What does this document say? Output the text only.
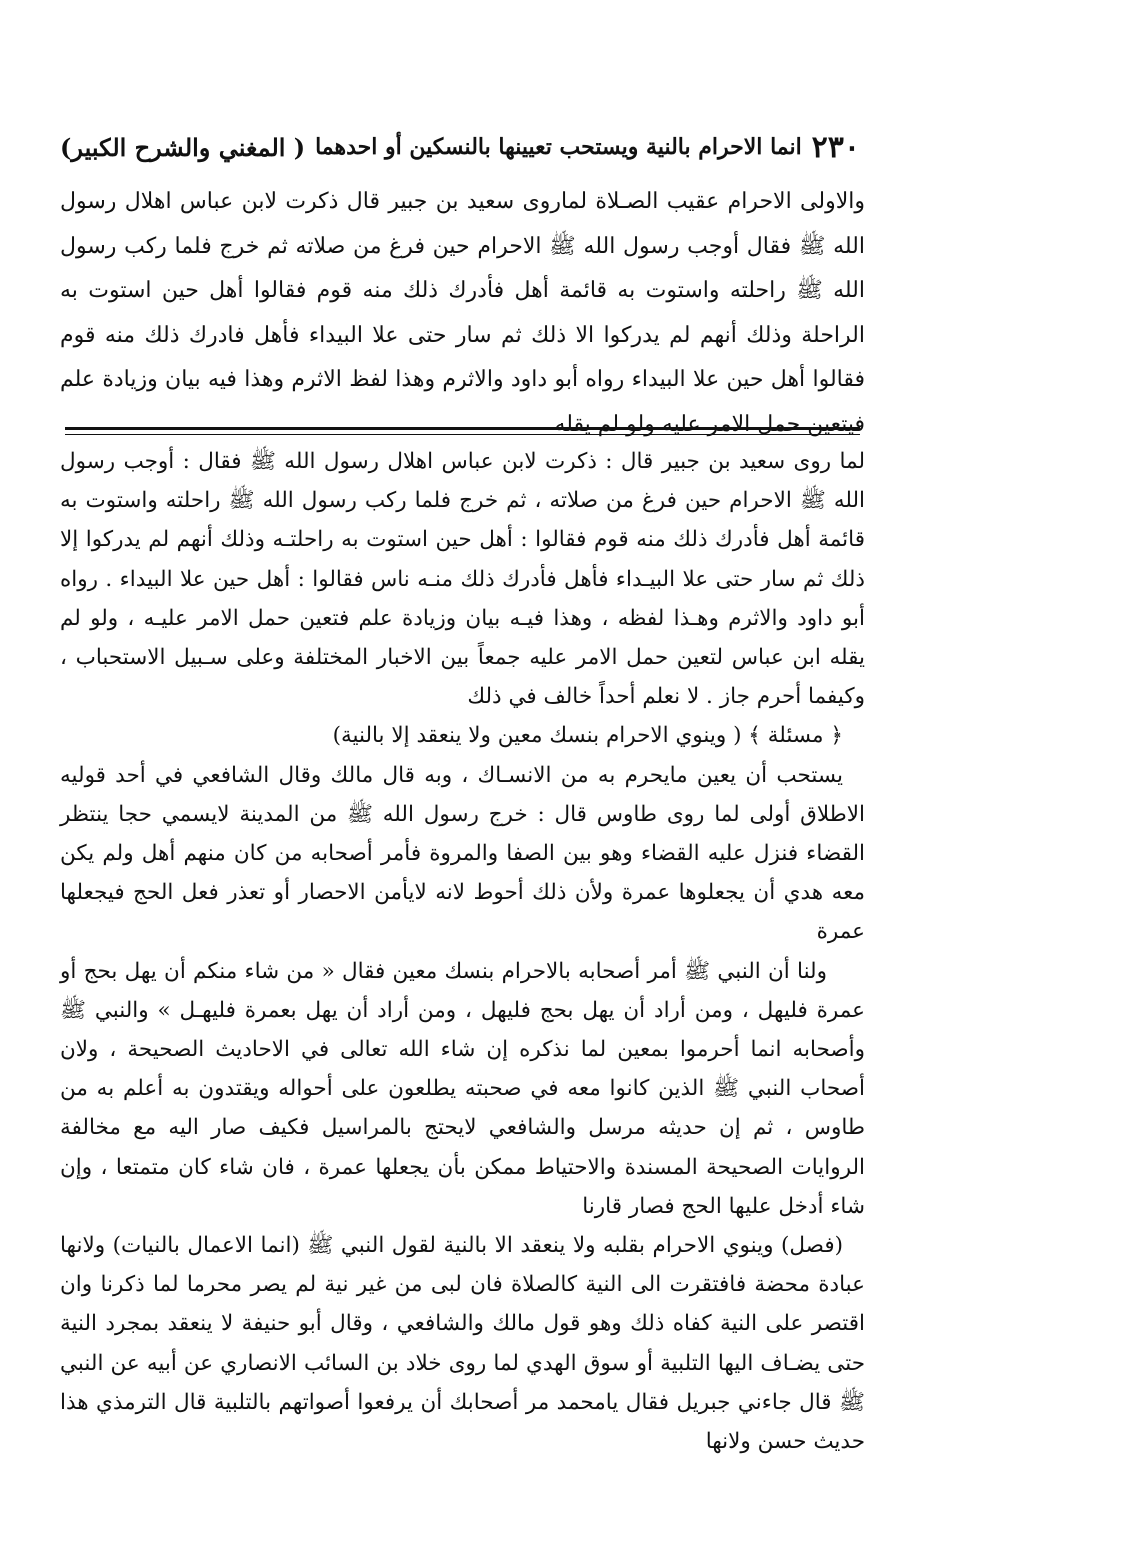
٢٣٠
انما الاحرام بالنية ويستحب تعيينها بالنسكين أو احدهما
( المغني والشرح الكبير)

والاولى الاحرام عقيب الصـلاة لماروى سعيد بن جبير قال ذكرت لابن عباس اهلال رسول الله ﷺ فقال أوجب رسول الله ﷺ الاحرام حين فرغ من صلاته ثم خرج فلما ركب رسول الله ﷺ راحلته واستوت به قائمة أهل فأدرك ذلك منه قوم فقالوا أهل حين استوت به الراحلة وذلك أنهم لم يدركوا الا ذلك ثم سار حتى علا البيداء فأهل فادرك ذلك منه قوم فقالوا أهل حين علا البيداء رواه أبو داود والاثرم وهذا لفظ الاثرم وهذا فيه بيان وزيادة علم فيتعين حمل الامر عليه ولو لم يقله

لما روى سعيد بن جبير قال : ذكرت لابن عباس اهلال رسول الله ﷺ فقال : أوجب رسول الله ﷺ الاحرام حين فرغ من صلاته ، ثم خرج فلما ركب رسول الله ﷺ راحلته واستوت به قائمة أهل فأدرك ذلك منه قوم فقالوا : أهل حين استوت به راحلتـه وذلك أنهم لم يدركوا إلا ذلك ثم سار حتى علا البيـداء فأهل فأدرك ذلك منـه ناس فقالوا : أهل حين علا البيداء . رواه أبو داود والاثرم وهـذا لفظه ، وهذا فيـه بيان وزيادة علم فتعين حمل الامر عليـه ، ولو لم يقله ابن عباس لتعين حمل الامر عليه جمعاً بين الاخبار المختلفة وعلى سـبيل الاستحباب ، وكيفما أحرم جاز . لا نعلم أحداً خالف في ذلك

﴿ مسئلة ﴾ ( وينوي الاحرام بنسك معين ولا ينعقد إلا بالنية)

يستحب أن يعين مايحرم به من الانسـاك ، وبه قال مالك وقال الشافعي في أحد قوليه الاطلاق أولى لما روى طاوس قال : خرج رسول الله ﷺ من المدينة لايسمي حجا ينتظر القضاء فنزل عليه القضاء وهو بين الصفا والمروة فأمر أصحابه من كان منهم أهل ولم يكن معه هدي أن يجعلوها عمرة ولأن ذلك أحوط لانه لايأمن الاحصار أو تعذر فعل الحج فيجعلها عمرة

ولنا أن النبي ﷺ أمر أصحابه بالاحرام بنسك معين فقال « من شاء منكم أن يهل بحج أو عمرة فليهل ، ومن أراد أن يهل بحج فليهل ، ومن أراد أن يهل بعمرة فليهـل » والنبي ﷺ وأصحابه انما أحرموا بمعين لما نذكره إن شاء الله تعالى في الاحاديث الصحيحة ، ولان أصحاب النبي ﷺ الذين كانوا معه في صحبته يطلعون على أحواله ويقتدون به أعلم به من طاوس ، ثم إن حديثه مرسل والشافعي لايحتج بالمراسيل فكيف صار اليه مع مخالفة الروايات الصحيحة المسندة والاحتياط ممكن بأن يجعلها عمرة ، فان شاء كان متمتعا ، وإن شاء أدخل عليها الحج فصار قارنا

(فصل) وينوي الاحرام بقلبه ولا ينعقد الا بالنية لقول النبي ﷺ (انما الاعمال بالنيات) ولانها عبادة محضة فافتقرت الى النية كالصلاة فان لبى من غير نية لم يصر محرما لما ذكرنا وان اقتصر على النية كفاه ذلك وهو قول مالك والشافعي ، وقال أبو حنيفة لا ينعقد بمجرد النية حتى يضـاف اليها التلبية أو سوق الهدي لما روى خلاد بن السائب الانصاري عن أبيه عن النبي ﷺ قال جاءني جبريل فقال يامحمد مر أصحابك أن يرفعوا أصواتهم بالتلبية قال الترمذي هذا حديث حسن ولانها
